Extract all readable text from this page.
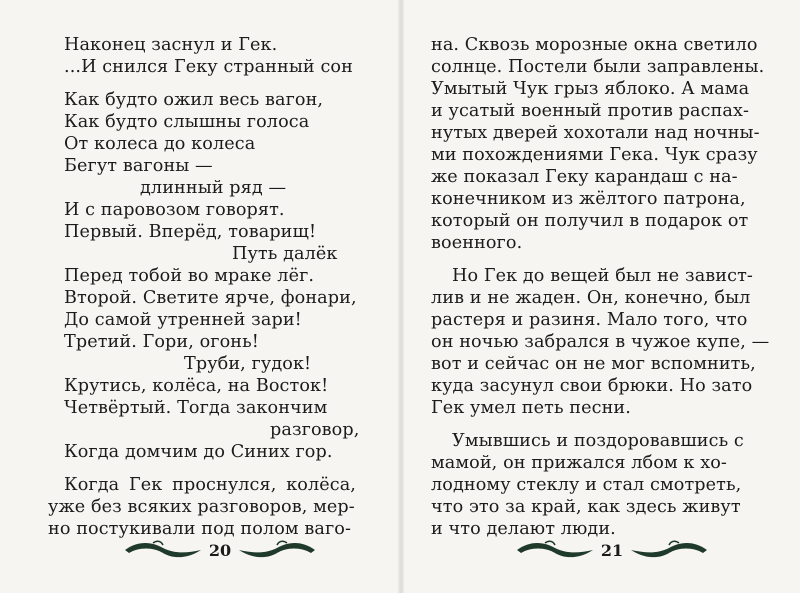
Наконец заснул и Гек.
...И снился Геку странный сон
Как будто ожил весь вагон,
Как будто слышны голоса
От колеса до колеса
Бегут вагоны —
длинный ряд —
И с паровозом говорят.
Первый. Вперёд, товарищ!
Путь далёк
Перед тобой во мраке лёг.
Второй. Светите ярче, фонари,
До самой утренней зари!
Третий. Гори, огонь!
Труби, гудок!
Крутись, колёса, на Восток!
Четвёртый. Тогда закончим
разговор,
Когда домчим до Синих гор.
Когда Гек проснулся, колёса,
уже без всяких разговоров, мер-
но постукивали под полом ваго-
20
на. Сквозь морозные окна светило
солнце. Постели были заправлены.
Умытый Чук грыз яблоко. А мама
и усатый военный против распах-
нутых дверей хохотали над ночны-
ми похождениями Гека. Чук сразу
же показал Геку карандаш с на-
конечником из жёлтого патрона,
который он получил в подарок от
военного.
Но Гек до вещей был не завист-
лив и не жаден. Он, конечно, был
растеря и разиня. Мало того, что
он ночью забрался в чужое купе, —
вот и сейчас он не мог вспомнить,
куда засунул свои брюки. Но зато
Гек умел петь песни.
Умывшись и поздоровавшись с
мамой, он прижался лбом к хо-
лодному стеклу и стал смотреть,
что это за край, как здесь живут
и что делают люди.
21
